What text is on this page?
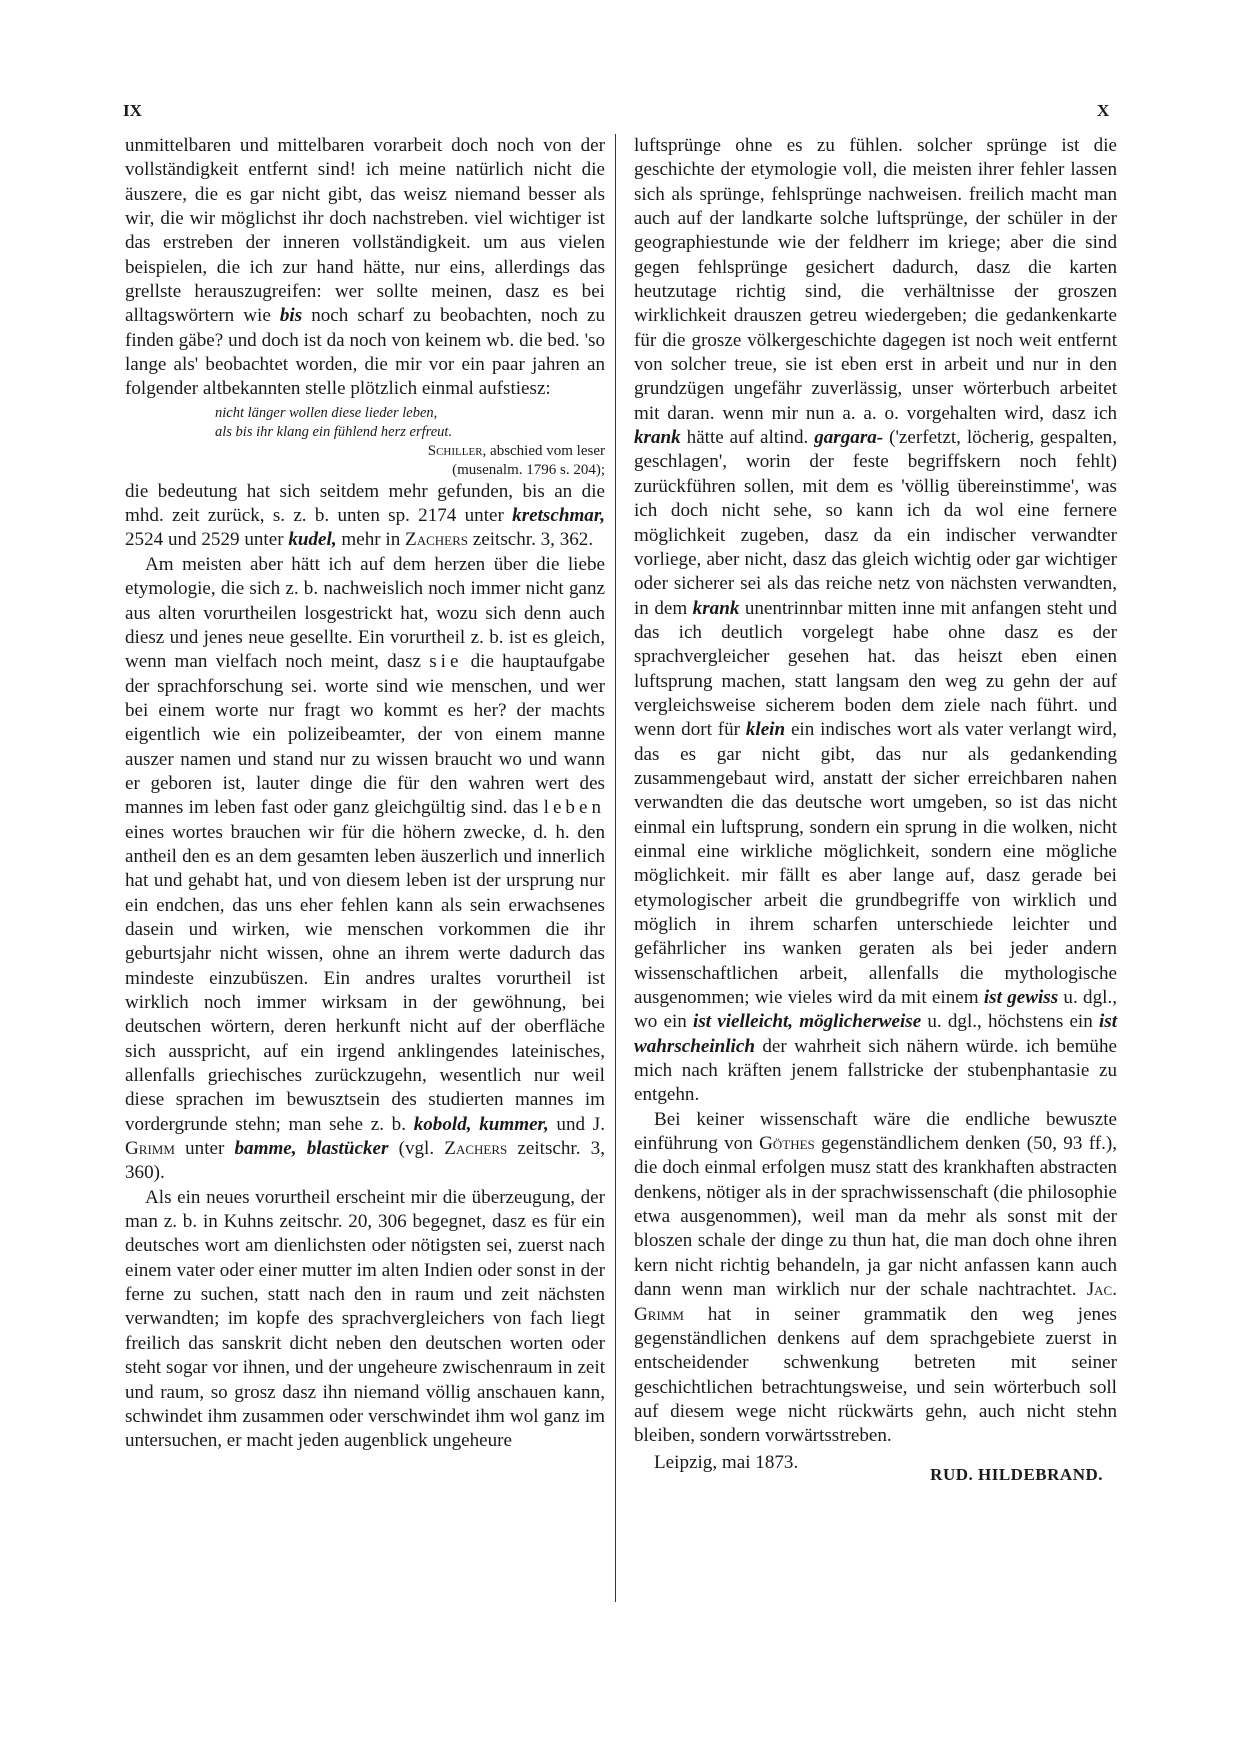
IX	X

unmittelbaren und mittelbaren vorarbeit doch noch von der vollständigkeit entfernt sind! ich meine natürlich nicht die äuszere, die es gar nicht gibt, das weisz niemand besser als wir, die wir möglichst ihr doch nachstreben. viel wichtiger ist das erstreben der inneren vollständigkeit. um aus vielen beispielen, die ich zur hand hätte, nur eins, allerdings das grellste herauszugreifen: wer sollte meinen, dasz es bei alltagswörtern wie bis noch scharf zu beobachten, noch zu finden gäbe? und doch ist da noch von keinem wb. die bed. 'so lange als' beobachtet worden, die mir vor ein paar jahren an folgender altbekannten stelle plötzlich einmal aufstiesz:

nicht länger wollen diese lieder leben,
als bis ihr klang ein fühlend herz erfreut.
Schiller, abschied vom leser
(musenalm. 1796 s. 204);

die bedeutung hat sich seitdem mehr gefunden, bis an die mhd. zeit zurück, s. z. b. unten sp. 2174 unter kretschmar, 2524 und 2529 unter kudel, mehr in Zachers zeitschr. 3, 362.

Am meisten aber hätt ich auf dem herzen über die liebe etymologie, die sich z. b. nachweislich noch immer nicht ganz aus alten vorurtheilen losgestrickt hat, wozu sich denn auch diesz und jenes neue gesellte. Ein vorurtheil z. b. ist es gleich, wenn man vielfach noch meint, dasz sie die hauptaufgabe der sprachforschung sei. worte sind wie menschen, und wer bei einem worte nur fragt wo kommt es her? der machts eigentlich wie ein polizeibeamter, der von einem manne auszer namen und stand nur zu wissen braucht wo und wann er geboren ist, lauter dinge die für den wahren wert des mannes im leben fast oder ganz gleichgültig sind. das leben eines wortes brauchen wir für die höhern zwecke, d. h. den antheil den es an dem gesamten leben äuszerlich und innerlich hat und gehabt hat, und von diesem leben ist der ursprung nur ein endchen, das uns eher fehlen kann als sein erwachsenes dasein und wirken, wie menschen vorkommen die ihr geburtsjahr nicht wissen, ohne an ihrem werte dadurch das mindeste einzubüszen. Ein andres uraltes vorurtheil ist wirklich noch immer wirksam in der gewöhnung, bei deutschen wörtern, deren herkunft nicht auf der oberfläche sich ausspricht, auf ein irgend anklingendes lateinisches, allenfalls griechisches zurückzugehn, wesentlich nur weil diese sprachen im bewusztsein des studierten mannes im vordergrunde stehn; man sehe z. b. kobold, kummer, und J. Grimm unter bamme, blastücker (vgl. Zachers zeitschr. 3, 360).

Als ein neues vorurtheil erscheint mir die überzeugung, der man z. b. in Kuhns zeitschr. 20, 306 begegnet, dasz es für ein deutsches wort am dienlichsten oder nötigsten sei, zuerst nach einem vater oder einer mutter im alten Indien oder sonst in der ferne zu suchen, statt nach den in raum und zeit nächsten verwandten; im kopfe des sprachvergleichers von fach liegt freilich das sanskrit dicht neben den deutschen worten oder steht sogar vor ihnen, und der ungeheure zwischenraum in zeit und raum, so grosz dasz ihn niemand völlig anschauen kann, schwindet ihm zusammen oder verschwindet ihm wol ganz im untersuchen, er macht jeden augenblick ungeheure

luftsprünge ohne es zu fühlen. solcher sprünge ist die geschichte der etymologie voll, die meisten ihrer fehler lassen sich als sprünge, fehlsprünge nachweisen. freilich macht man auch auf der landkarte solche luftsprünge, der schüler in der geographiestunde wie der feldherr im kriege; aber die sind gegen fehlsprünge gesichert dadurch, dasz die karten heutzutage richtig sind, die verhältnisse der groszen wirklichkeit drauszen getreu wiedergeben; die gedankenkarte für die grosze völkergeschichte dagegen ist noch weit entfernt von solcher treue, sie ist eben erst in arbeit und nur in den grundzügen ungefähr zuverlässig, unser wörterbuch arbeitet mit daran. wenn mir nun a. a. o. vorgehalten wird, dasz ich krank hätte auf altind. gargara- ('zerfetzt, löcherig, gespalten, geschlagen', worin der feste begriffskern noch fehlt) zurückführen sollen, mit dem es 'völlig übereinstimme', was ich doch nicht sehe, so kann ich da wol eine fernere möglichkeit zugeben, dasz da ein indischer verwandter vorliege, aber nicht, dasz das gleich wichtig oder gar wichtiger oder sicherer sei als das reiche netz von nächsten verwandten, in dem krank unentrinnbar mitten inne mit anfangen steht und das ich deutlich vorgelegt habe ohne dasz es der sprachvergleicher gesehen hat. das heiszt eben einen luftsprung machen, statt langsam den weg zu gehn der auf vergleichsweise sicherem boden dem ziele nach führt. und wenn dort für klein ein indisches wort als vater verlangt wird, das es gar nicht gibt, das nur als gedankending zusammengebaut wird, anstatt der sicher erreichbaren nahen verwandten die das deutsche wort umgeben, so ist das nicht einmal ein luftsprung, sondern ein sprung in die wolken, nicht einmal eine wirkliche möglichkeit, sondern eine mögliche möglichkeit. mir fällt es aber lange auf, dasz gerade bei etymologischer arbeit die grundbegriffe von wirklich und möglich in ihrem scharfen unterschiede leichter und gefährlicher ins wanken geraten als bei jeder andern wissenschaftlichen arbeit, allenfalls die mythologische ausgenommen; wie vieles wird da mit einem ist gewiss u. dgl., wo ein ist vielleicht, möglicherweise u. dgl., höchstens ein ist wahrscheinlich der wahrheit sich nähern würde. ich bemühe mich nach kräften jenem fallstricke der stubenphantasie zu entgehn.

Bei keiner wissenschaft wäre die endliche bewuszte einführung von Göthes gegenständlichem denken (50, 93 ff.), die doch einmal erfolgen musz statt des krankhaften abstracten denkens, nötiger als in der sprachwissenschaft (die philosophie etwa ausgenommen), weil man da mehr als sonst mit der bloszen schale der dinge zu thun hat, die man doch ohne ihren kern nicht richtig behandeln, ja gar nicht anfassen kann auch dann wenn man wirklich nur der schale nachtrachtet. Jac. Grimm hat in seiner grammatik den weg jenes gegenständlichen denkens auf dem sprachgebiete zuerst in entscheidender schwenkung betreten mit seiner geschichtlichen betrachtungsweise, und sein wörterbuch soll auf diesem wege nicht rückwärts gehn, auch nicht stehn bleiben, sondern vorwärtsstreben.

Leipzig, mai 1873.
RUD. HILDEBRAND.
